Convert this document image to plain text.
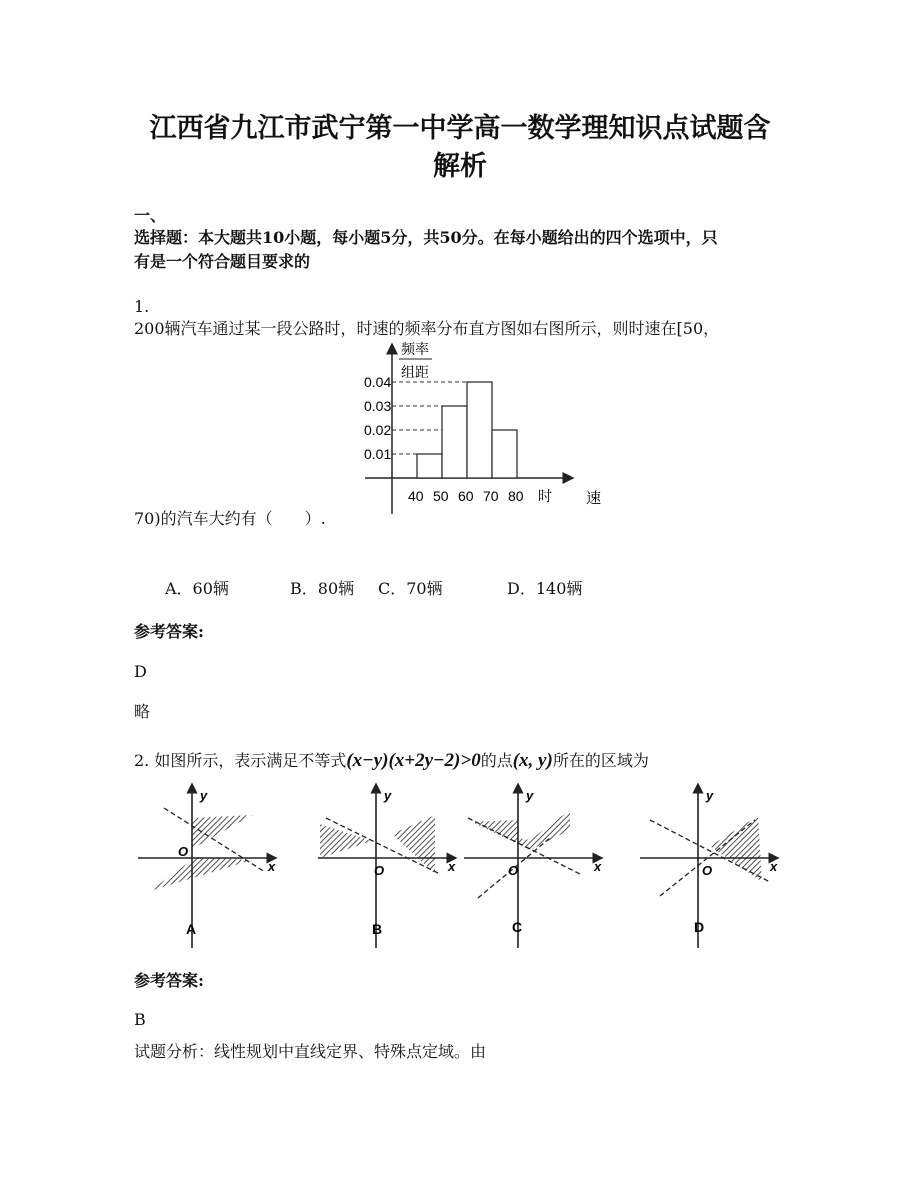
江西省九江市武宁第一中学高一数学理知识点试题含
解析
一、
选择题：本大题共10小题，每小题5分，共50分。在每小题给出的四个选项中，只
有是一个符合题目要求的
1.
200辆汽车通过某一段公路时，时速的频率分布直方图如右图所示，则时速在[50，
频率
组距
0.01
0.02
0.03
0.04
40 50 60 70 80 时 速
70)的汽车大约有（　　）.
A．60辆	B．80辆 C．70辆	D．140辆
参考答案:
D
略
2. 如图所示，表示满足不等式(x−y)(x+2y−2)>0的点(x, y)所在的区域为
y
x
O
A
y
x
O
B
y
x
O
C
y
x
O
D
参考答案:
B
试题分析：线性规划中直线定界、特殊点定域。由
